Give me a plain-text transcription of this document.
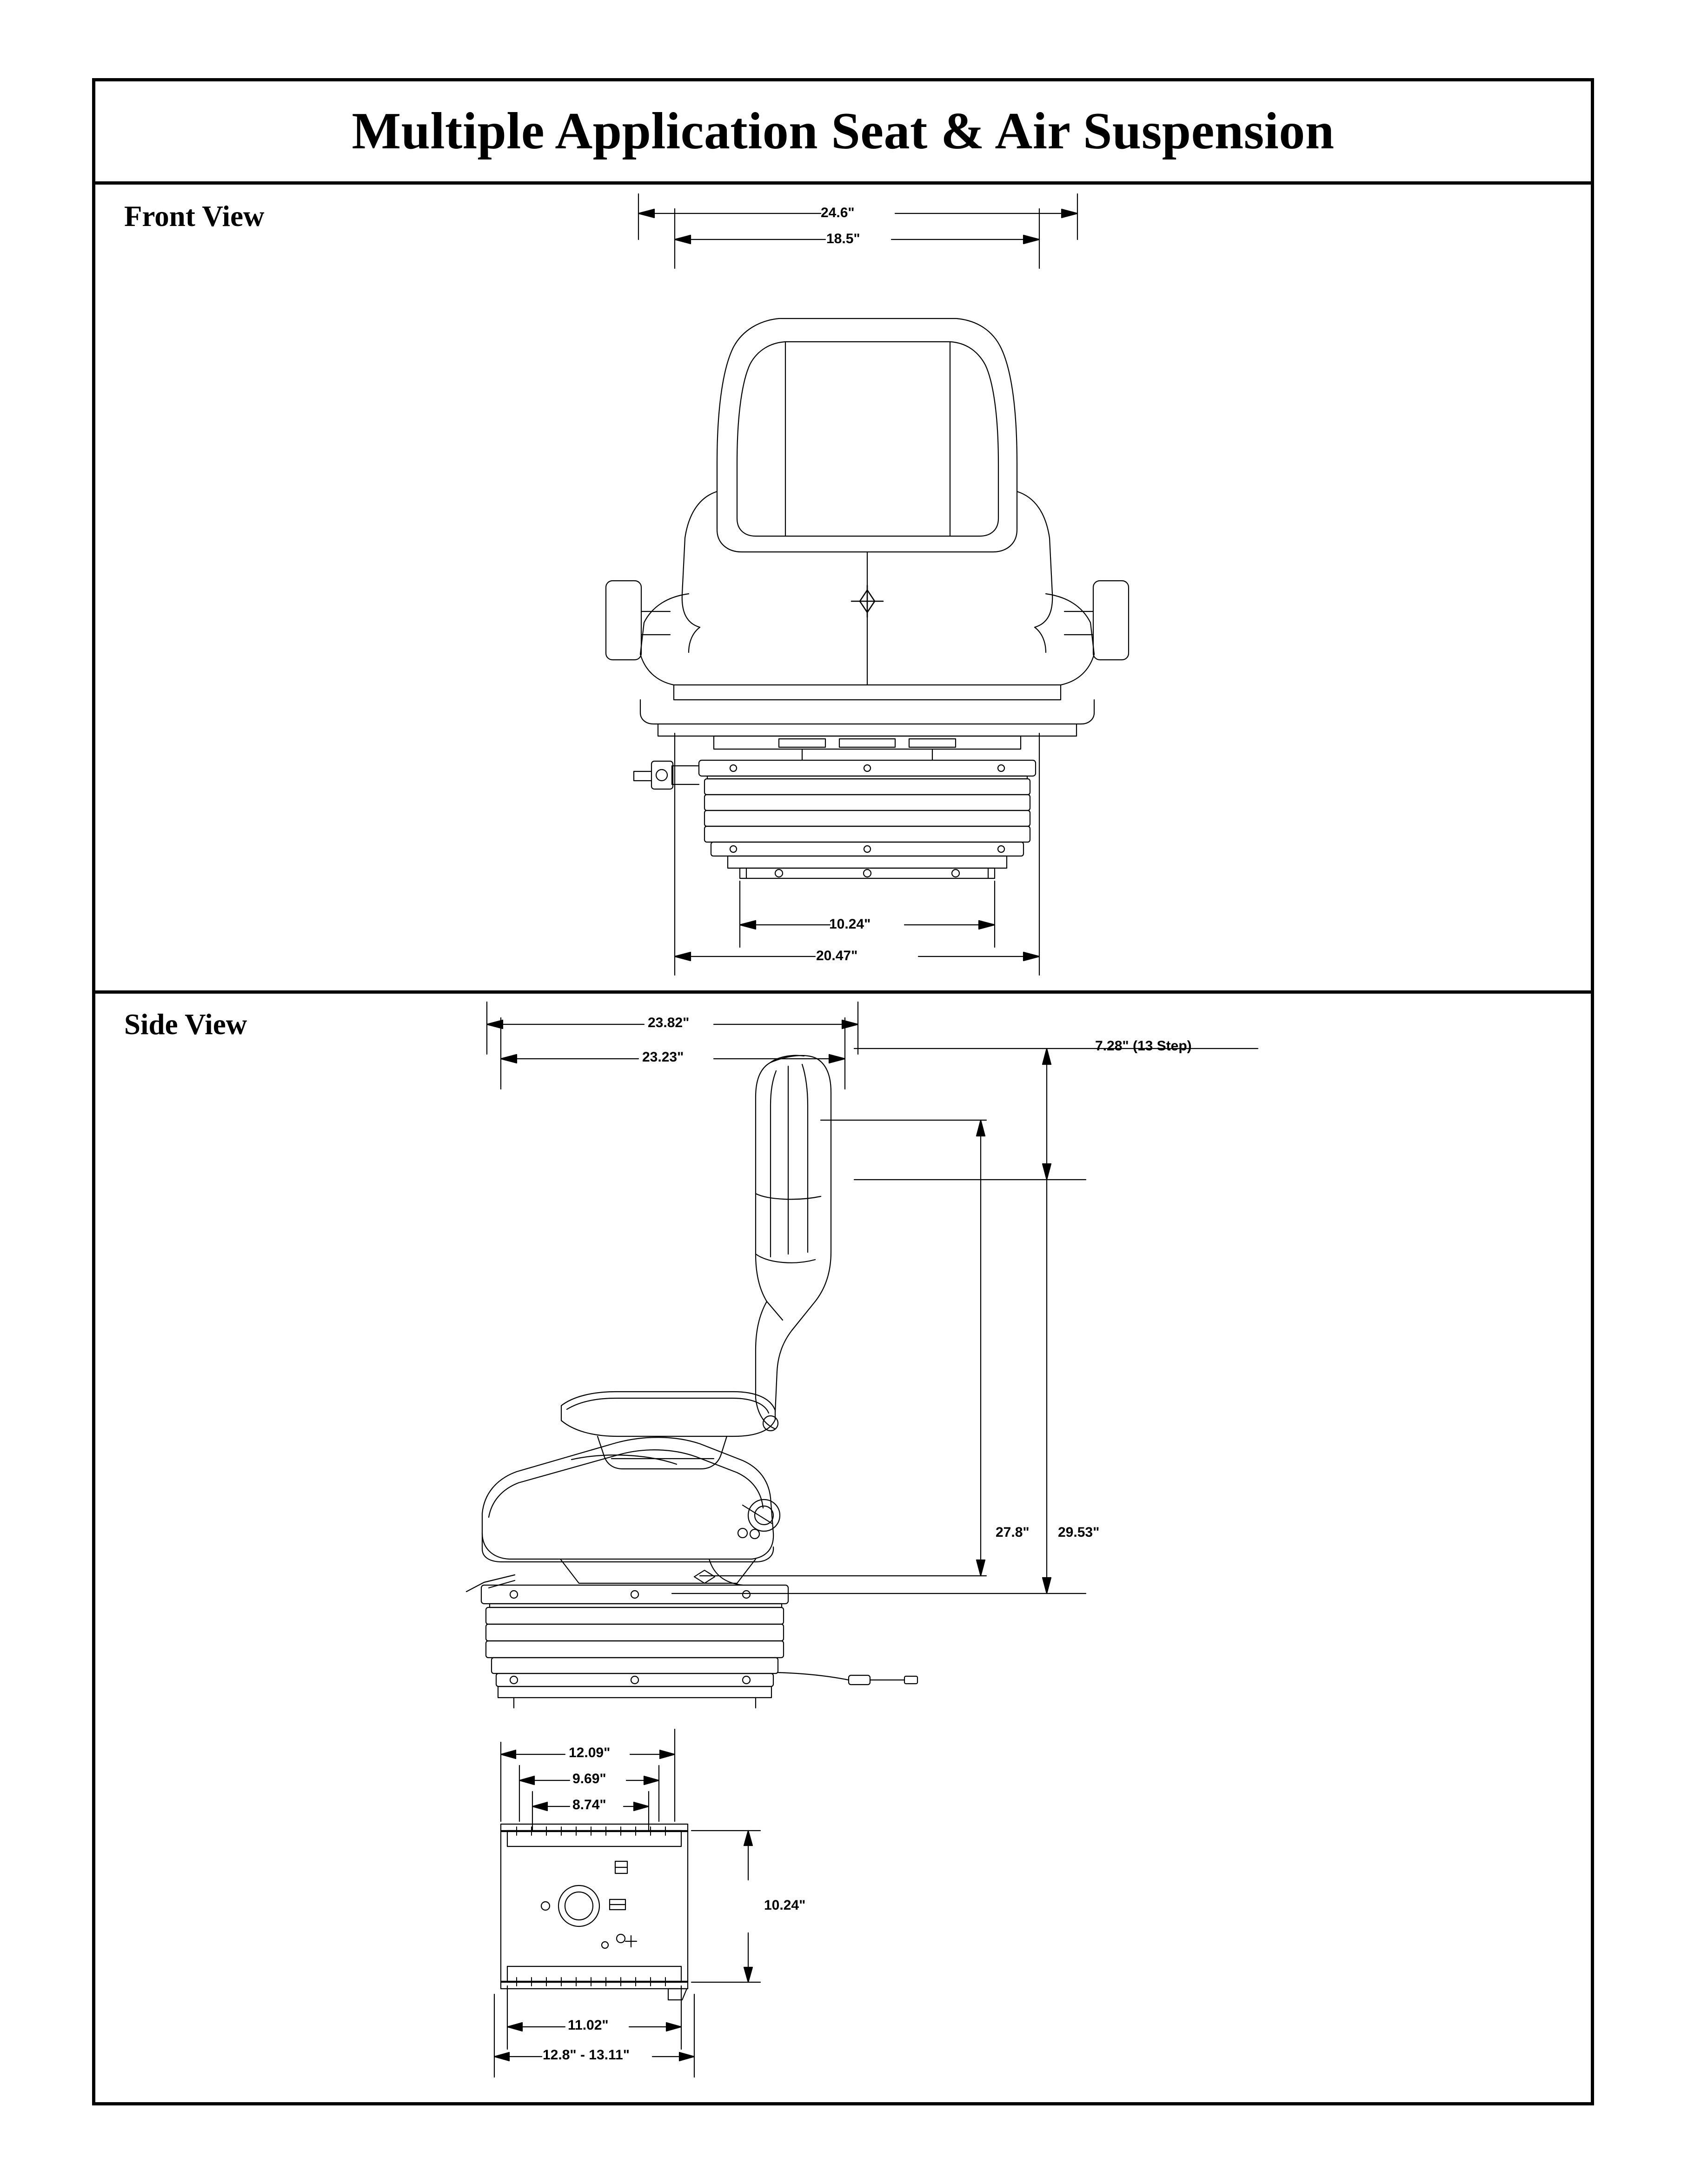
Multiple Application Seat & Air Suspension
Front View	24.6"
18.5"
10.24"
20.47"
Side View	23.82"
23.23"
7.28" (13 Step)
27.8" 29.53"
12.09"
9.69"
8.74"
10.24"
11.02"
12.8" - 13.11"
